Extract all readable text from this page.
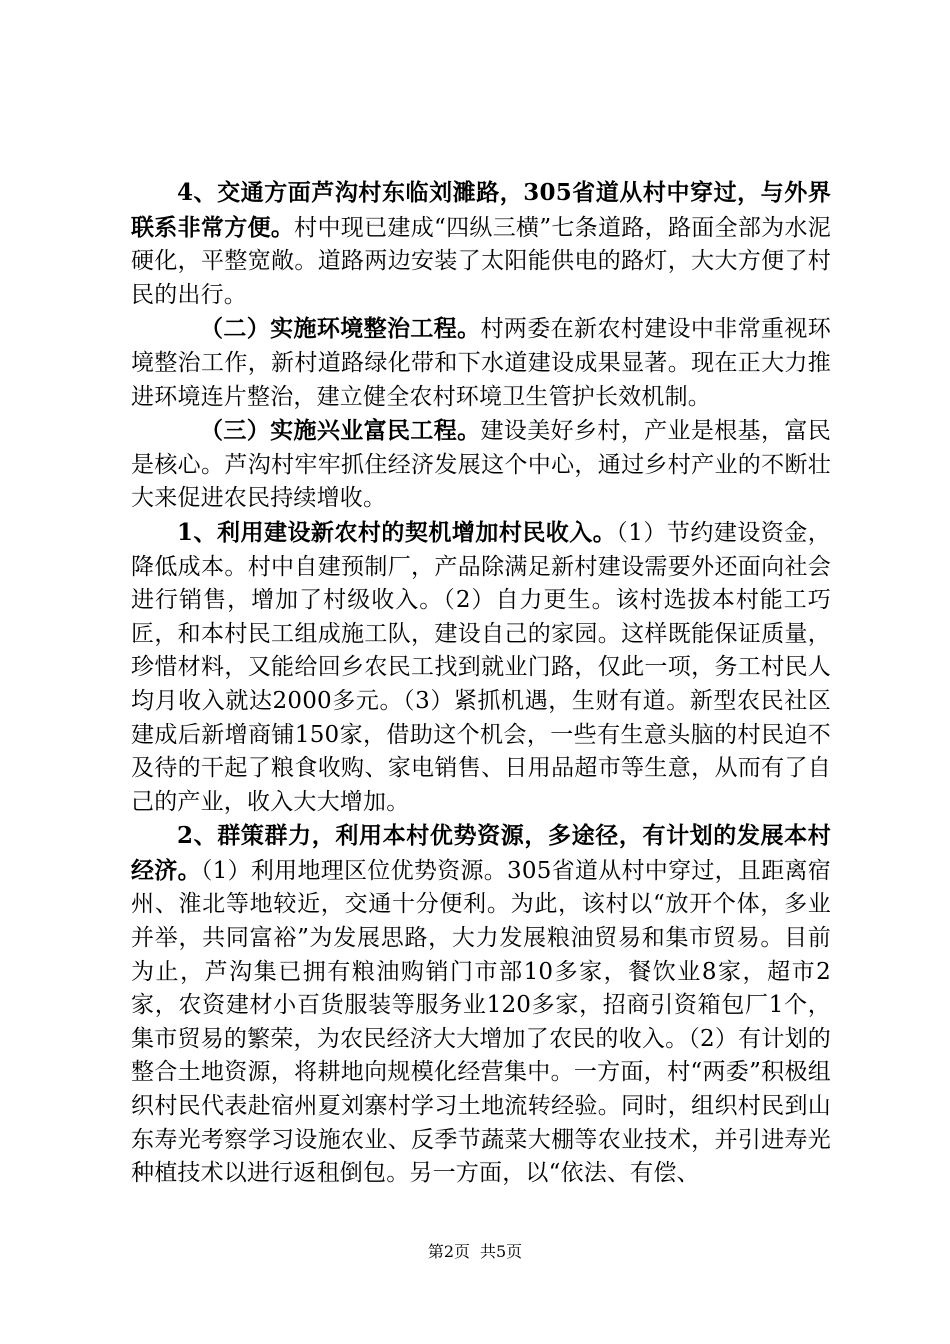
4、交通方面芦沟村东临刘濉路，305省道从村中穿过，与外界联系非常方便。村中现已建成“四纵三横”七条道路，路面全部为水泥硬化，平整宽敞。道路两边安装了太阳能供电的路灯，大大方便了村民的出行。

（二）实施环境整治工程。村两委在新农村建设中非常重视环境整治工作，新村道路绿化带和下水道建设成果显著。现在正大力推进环境连片整治，建立健全农村环境卫生管护长效机制。

（三）实施兴业富民工程。建设美好乡村，产业是根基，富民是核心。芦沟村牢牢抓住经济发展这个中心，通过乡村产业的不断壮大来促进农民持续增收。

1、利用建设新农村的契机增加村民收入。（1）节约建设资金，降低成本。村中自建预制厂，产品除满足新村建设需要外还面向社会进行销售，增加了村级收入。（2）自力更生。该村选拔本村能工巧匠，和本村民工组成施工队，建设自己的家园。这样既能保证质量，珍惜材料，又能给回乡农民工找到就业门路，仅此一项，务工村民人均月收入就达2000多元。（3）紧抓机遇，生财有道。新型农民社区建成后新增商铺150家，借助这个机会，一些有生意头脑的村民迫不及待的干起了粮食收购、家电销售、日用品超市等生意，从而有了自己的产业，收入大大增加。

2、群策群力，利用本村优势资源，多途径，有计划的发展本村经济。（1）利用地理区位优势资源。305省道从村中穿过，且距离宿州、淮北等地较近，交通十分便利。为此，该村以“放开个体，多业并举，共同富裕”为发展思路，大力发展粮油贸易和集市贸易。目前为止，芦沟集已拥有粮油购销门市部10多家，餐饮业8家，超市2家，农资建材小百货服装等服务业120多家，招商引资箱包厂1个，集市贸易的繁荣，为农民经济大大增加了农民的收入。（2）有计划的整合土地资源，将耕地向规模化经营集中。一方面，村“两委”积极组织村民代表赴宿州夏刘寨村学习土地流转经验。同时，组织村民到山东寿光考察学习设施农业、反季节蔬菜大棚等农业技术，并引进寿光种植技术以进行返租倒包。另一方面，以“依法、有偿、

第2页 共5页
